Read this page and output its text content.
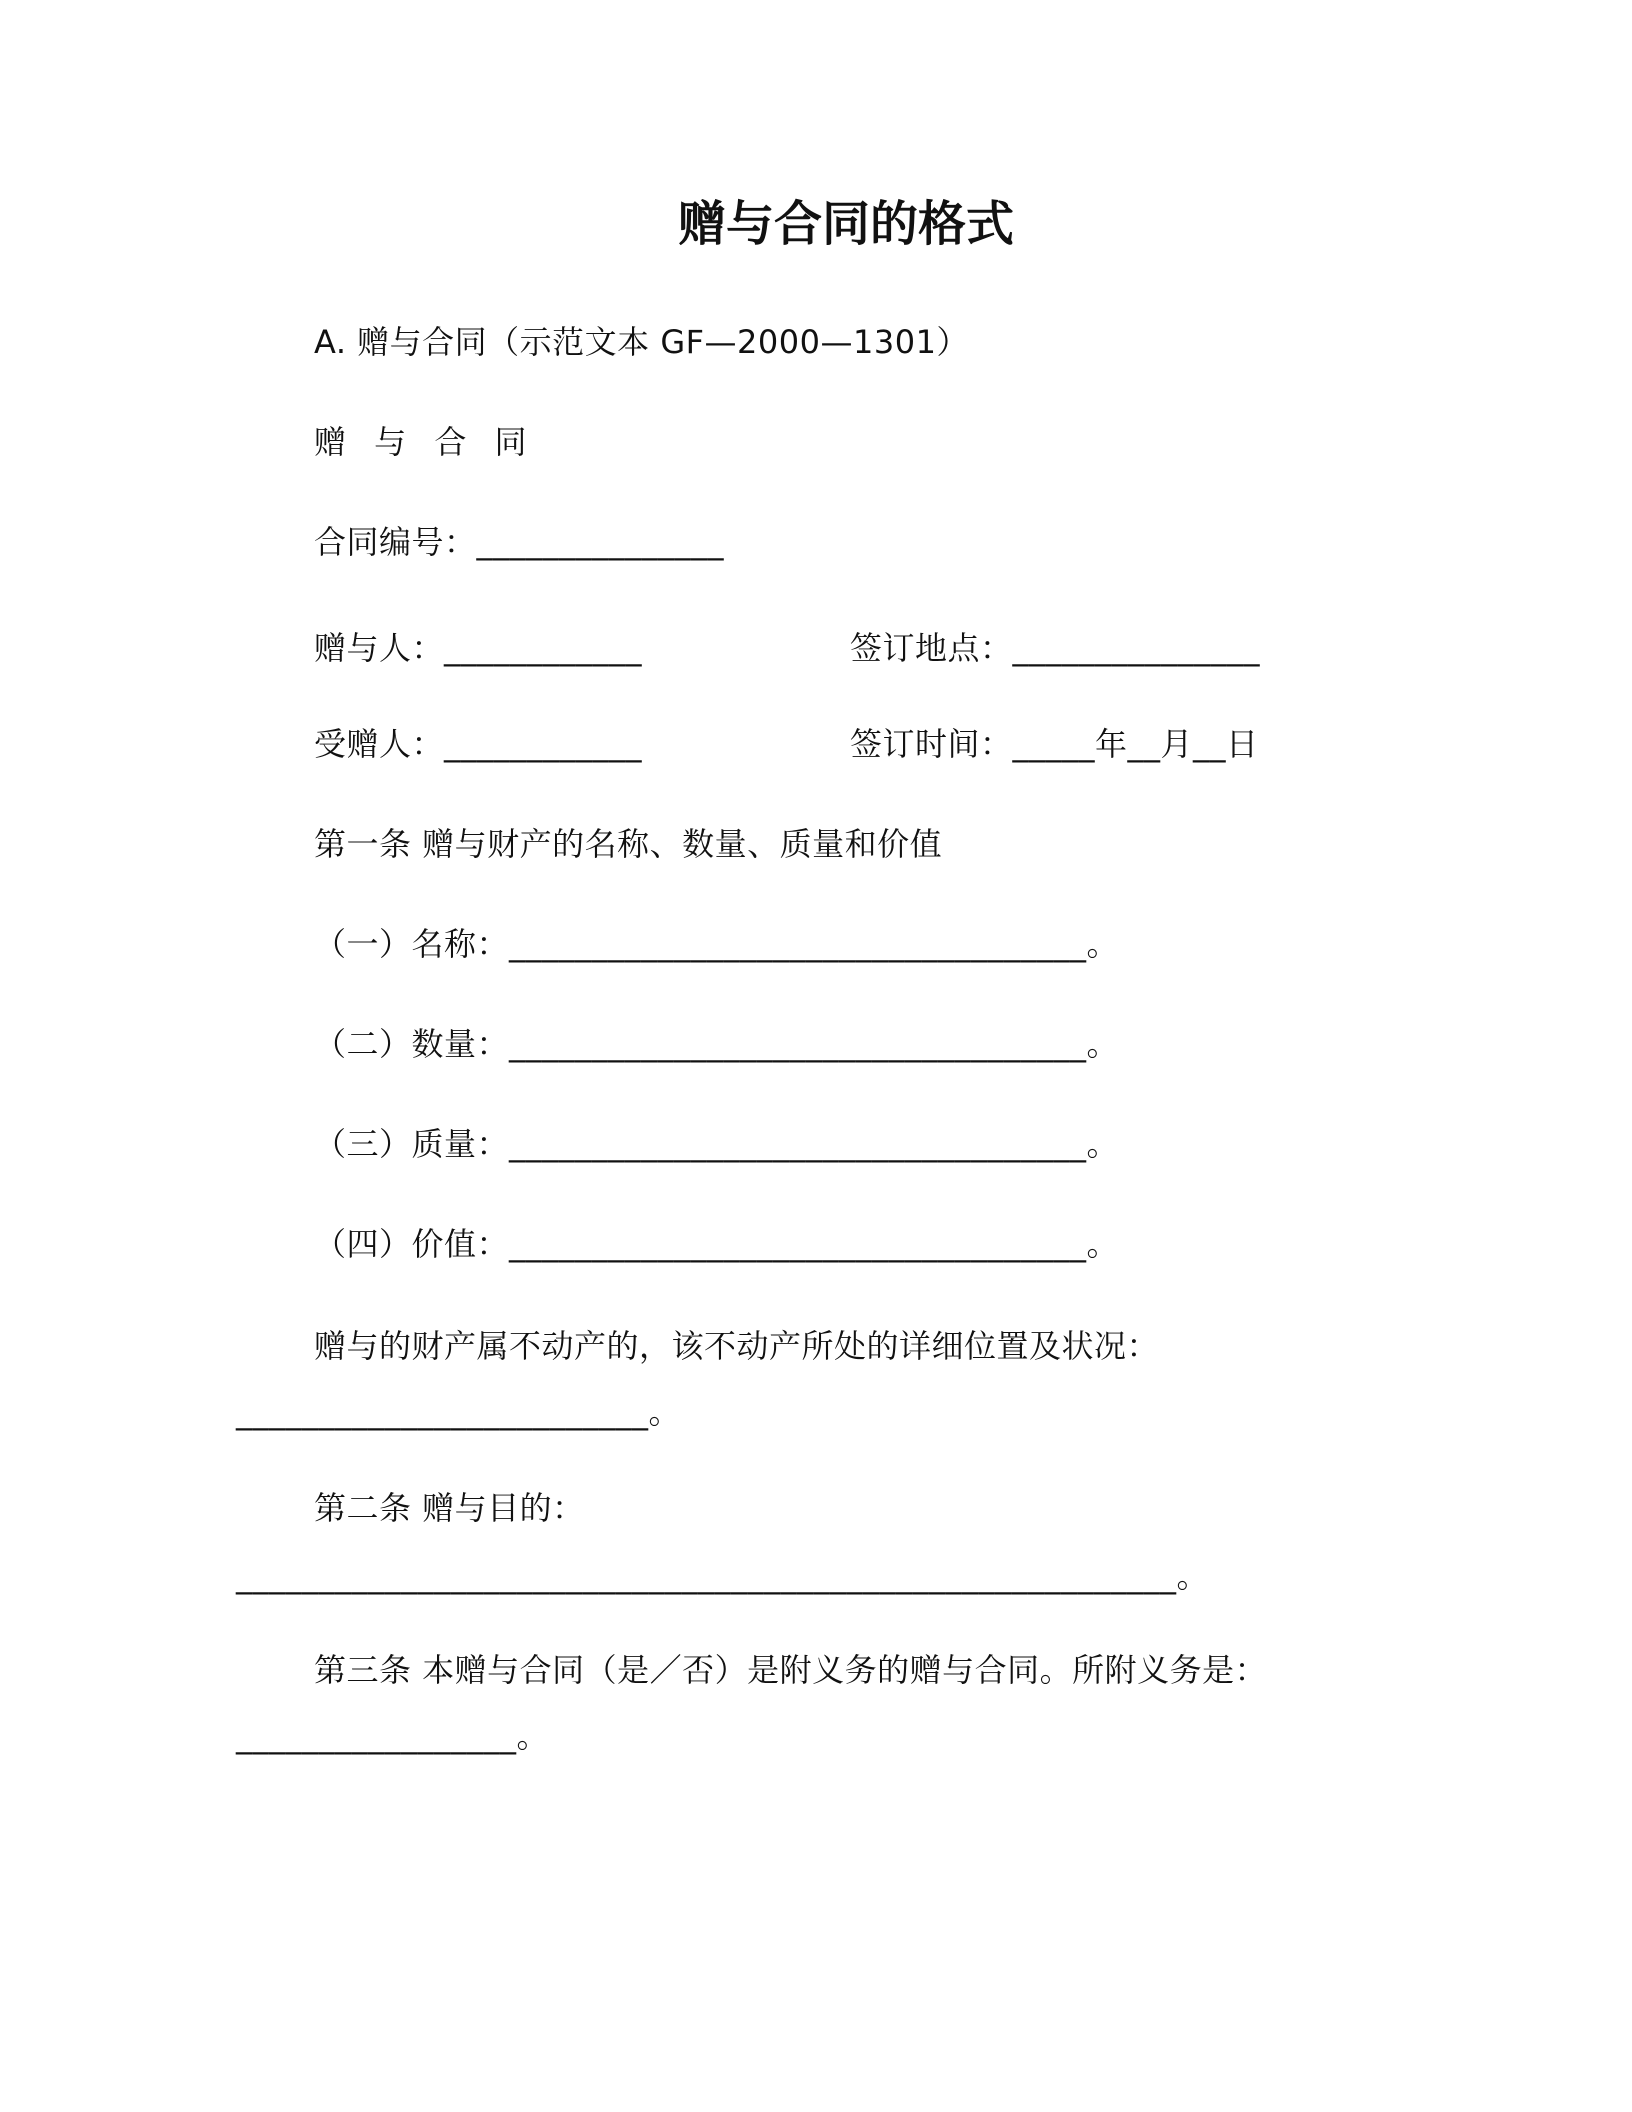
赠与合同的格式
A. 赠与合同（示范文本 GF—2000—1301）
赠 与 合 同
合同编号：_______________
赠与人：____________	签订地点：_______________
受赠人：____________	签订时间：_____年__月__日
第一条 赠与财产的名称、数量、质量和价值
（一）名称：___________________________________。
（二）数量：___________________________________。
（三）质量：___________________________________。
（四）价值：___________________________________。
赠与的财产属不动产的，该不动产所处的详细位置及状况：
_________________________。
第二条 赠与目的：
_________________________________________________________。
第三条 本赠与合同（是／否）是附义务的赠与合同。所附义务是：
_________________。
